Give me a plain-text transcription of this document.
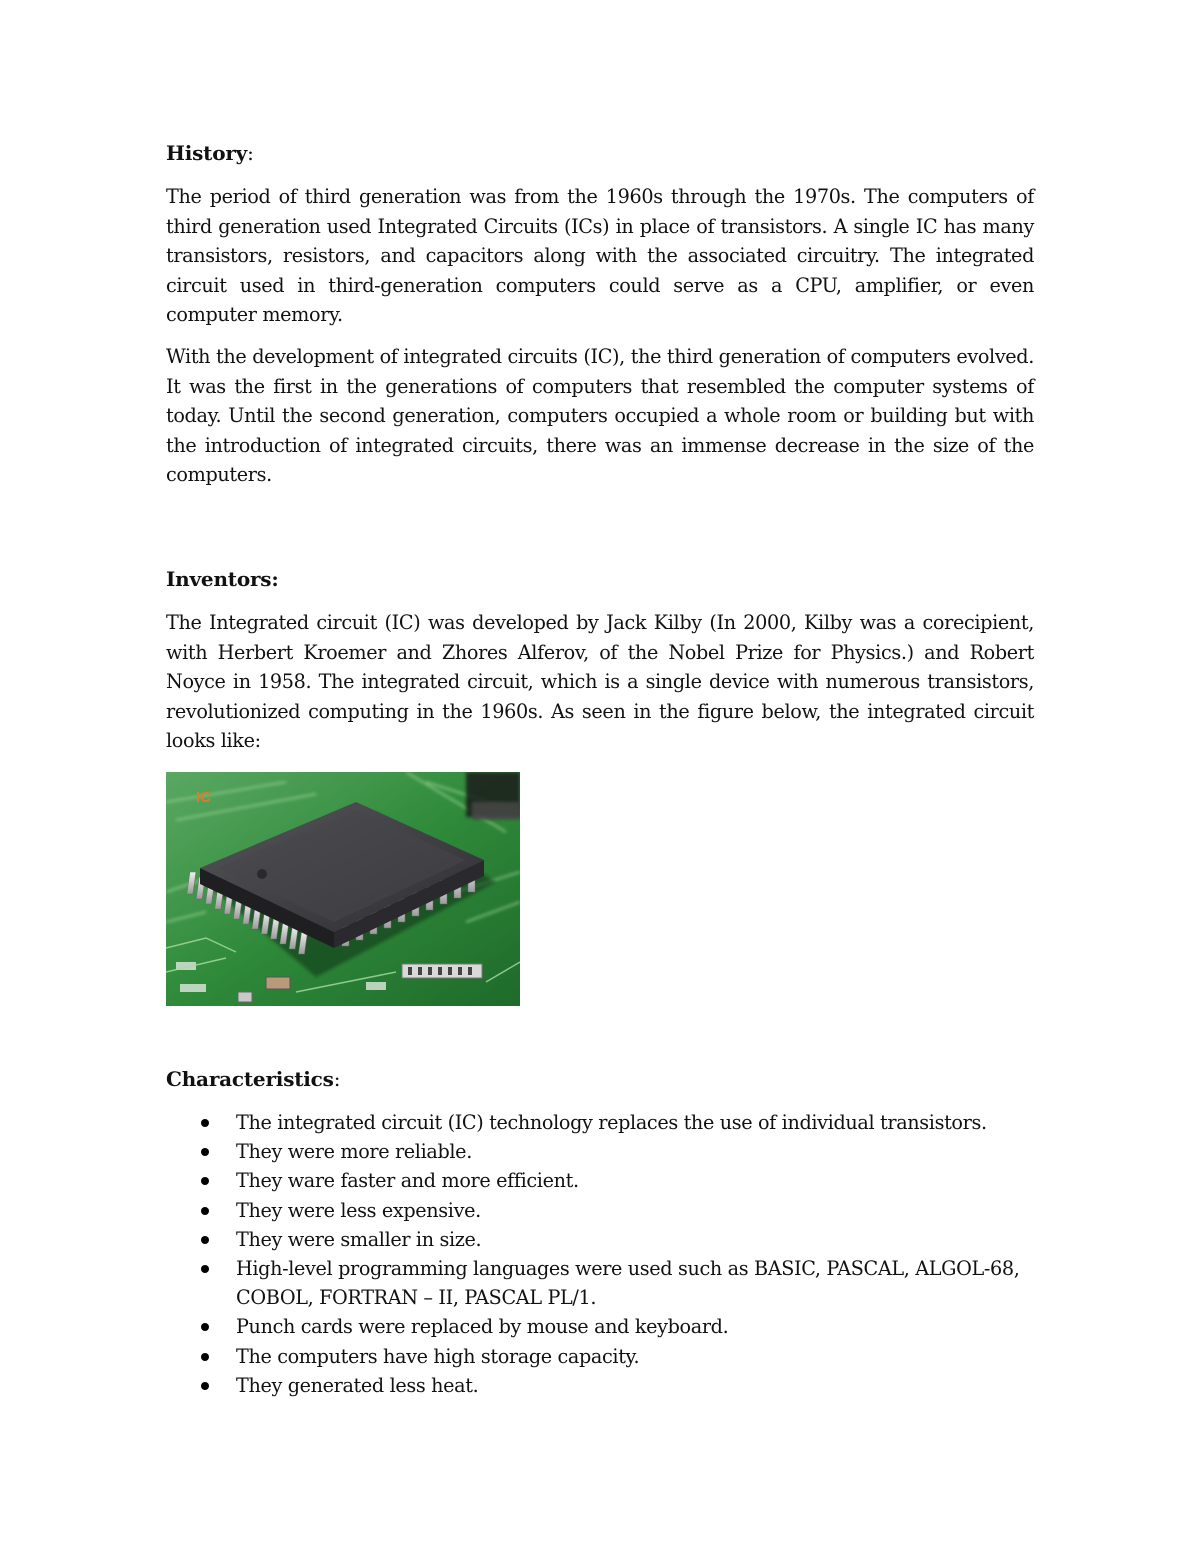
History:

The period of third generation was from the 1960s through the 1970s. The computers of third generation used Integrated Circuits (ICs) in place of transistors. A single IC has many transistors, resistors, and capacitors along with the associated circuitry. The integrated circuit used in third-generation computers could serve as a CPU, amplifier, or even computer memory.

With the development of integrated circuits (IC), the third generation of computers evolved. It was the first in the generations of computers that resembled the computer systems of today. Until the second generation, computers occupied a whole room or building but with the introduction of integrated circuits, there was an immense decrease in the size of the computers.

Inventors:

The Integrated circuit (IC) was developed by Jack Kilby (In 2000, Kilby was a corecipient, with Herbert Kroemer and Zhores Alferov, of the Nobel Prize for Physics.) and Robert Noyce in 1958. The integrated circuit, which is a single device with numerous transistors, revolutionized computing in the 1960s. As seen in the figure below, the integrated circuit looks like:

IC
Characteristics:
The integrated circuit (IC) technology replaces the use of individual transistors.
They were more reliable.
They ware faster and more efficient.
They were less expensive.
They were smaller in size.
High-level programming languages were used such as BASIC, PASCAL, ALGOL-68, COBOL, FORTRAN – II, PASCAL PL/1.
Punch cards were replaced by mouse and keyboard.
The computers have high storage capacity.
They generated less heat.
